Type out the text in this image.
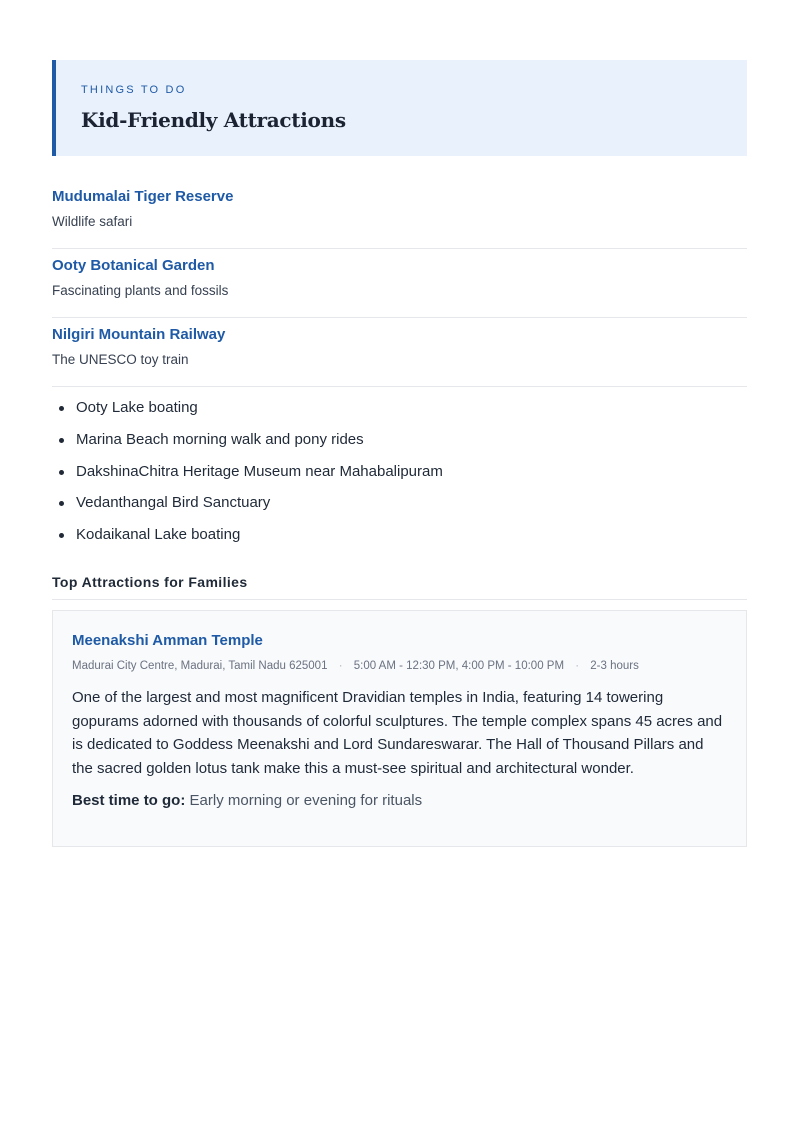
THINGS TO DO
Kid-Friendly Attractions
Mudumalai Tiger Reserve
Wildlife safari
Ooty Botanical Garden
Fascinating plants and fossils
Nilgiri Mountain Railway
The UNESCO toy train
Ooty Lake boating
Marina Beach morning walk and pony rides
DakshinaChitra Heritage Museum near Mahabalipuram
Vedanthangal Bird Sanctuary
Kodaikanal Lake boating
Top Attractions for Families
Meenakshi Amman Temple
Madurai City Centre, Madurai, Tamil Nadu 625001 · 5:00 AM - 12:30 PM, 4:00 PM - 10:00 PM · 2-3 hours

One of the largest and most magnificent Dravidian temples in India, featuring 14 towering gopurams adorned with thousands of colorful sculptures. The temple complex spans 45 acres and is dedicated to Goddess Meenakshi and Lord Sundareswarar. The Hall of Thousand Pillars and the sacred golden lotus tank make this a must-see spiritual and architectural wonder.

Best time to go: Early morning or evening for rituals
